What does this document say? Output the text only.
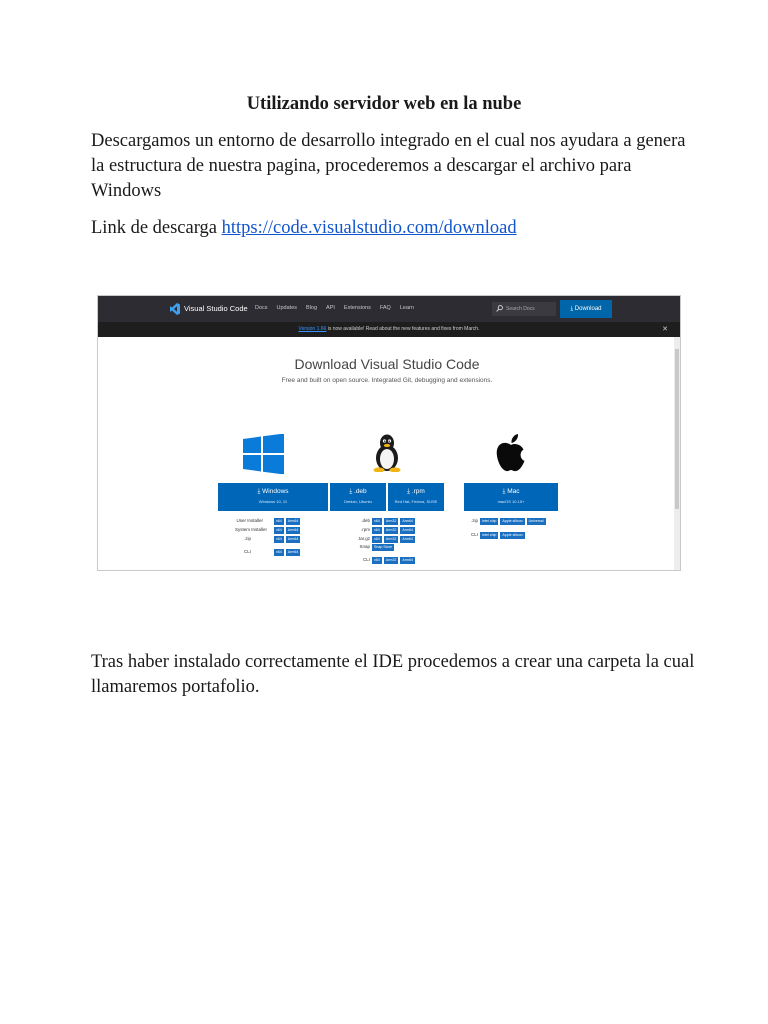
Utilizando servidor web en la nube
Descargamos un entorno de desarrollo integrado en el cual nos ayudara a genera la estructura de nuestra pagina, procederemos a descargar el archivo para Windows
Link de descarga https://code.visualstudio.com/download
Visual Studio Code Docs Updates Blog API Extensions FAQ Learn	Search Docs	⤓ Download
Version 1.66 is now available! Read about the new features and fixes from March.	✕
Download Visual Studio Code
Free and built on open source. Integrated Git, debugging and extensions.
⤓ Windows
Windows 10, 11
⤓ .deb
Debian, Ubuntu
⤓ .rpm
Red Hat, Fedora, SUSE
⤓ Mac
macOS 10.15+
User Installer	x64	Arm64
System Installer	x64	Arm64
.zip	x64	Arm64
CLI	x64	Arm64
.deb	x64	Arm32	Arm64
.rpm	x64	Arm32	Arm64
.tar.gz	x64	Arm32	Arm64
Snap	Snap Store
CLI	x64	Arm32	Arm64
.zip	Intel chip	Apple silicon	Universal
CLI	Intel chip	Apple silicon
Tras haber instalado correctamente el IDE procedemos a crear una carpeta la cual llamaremos portafolio.
